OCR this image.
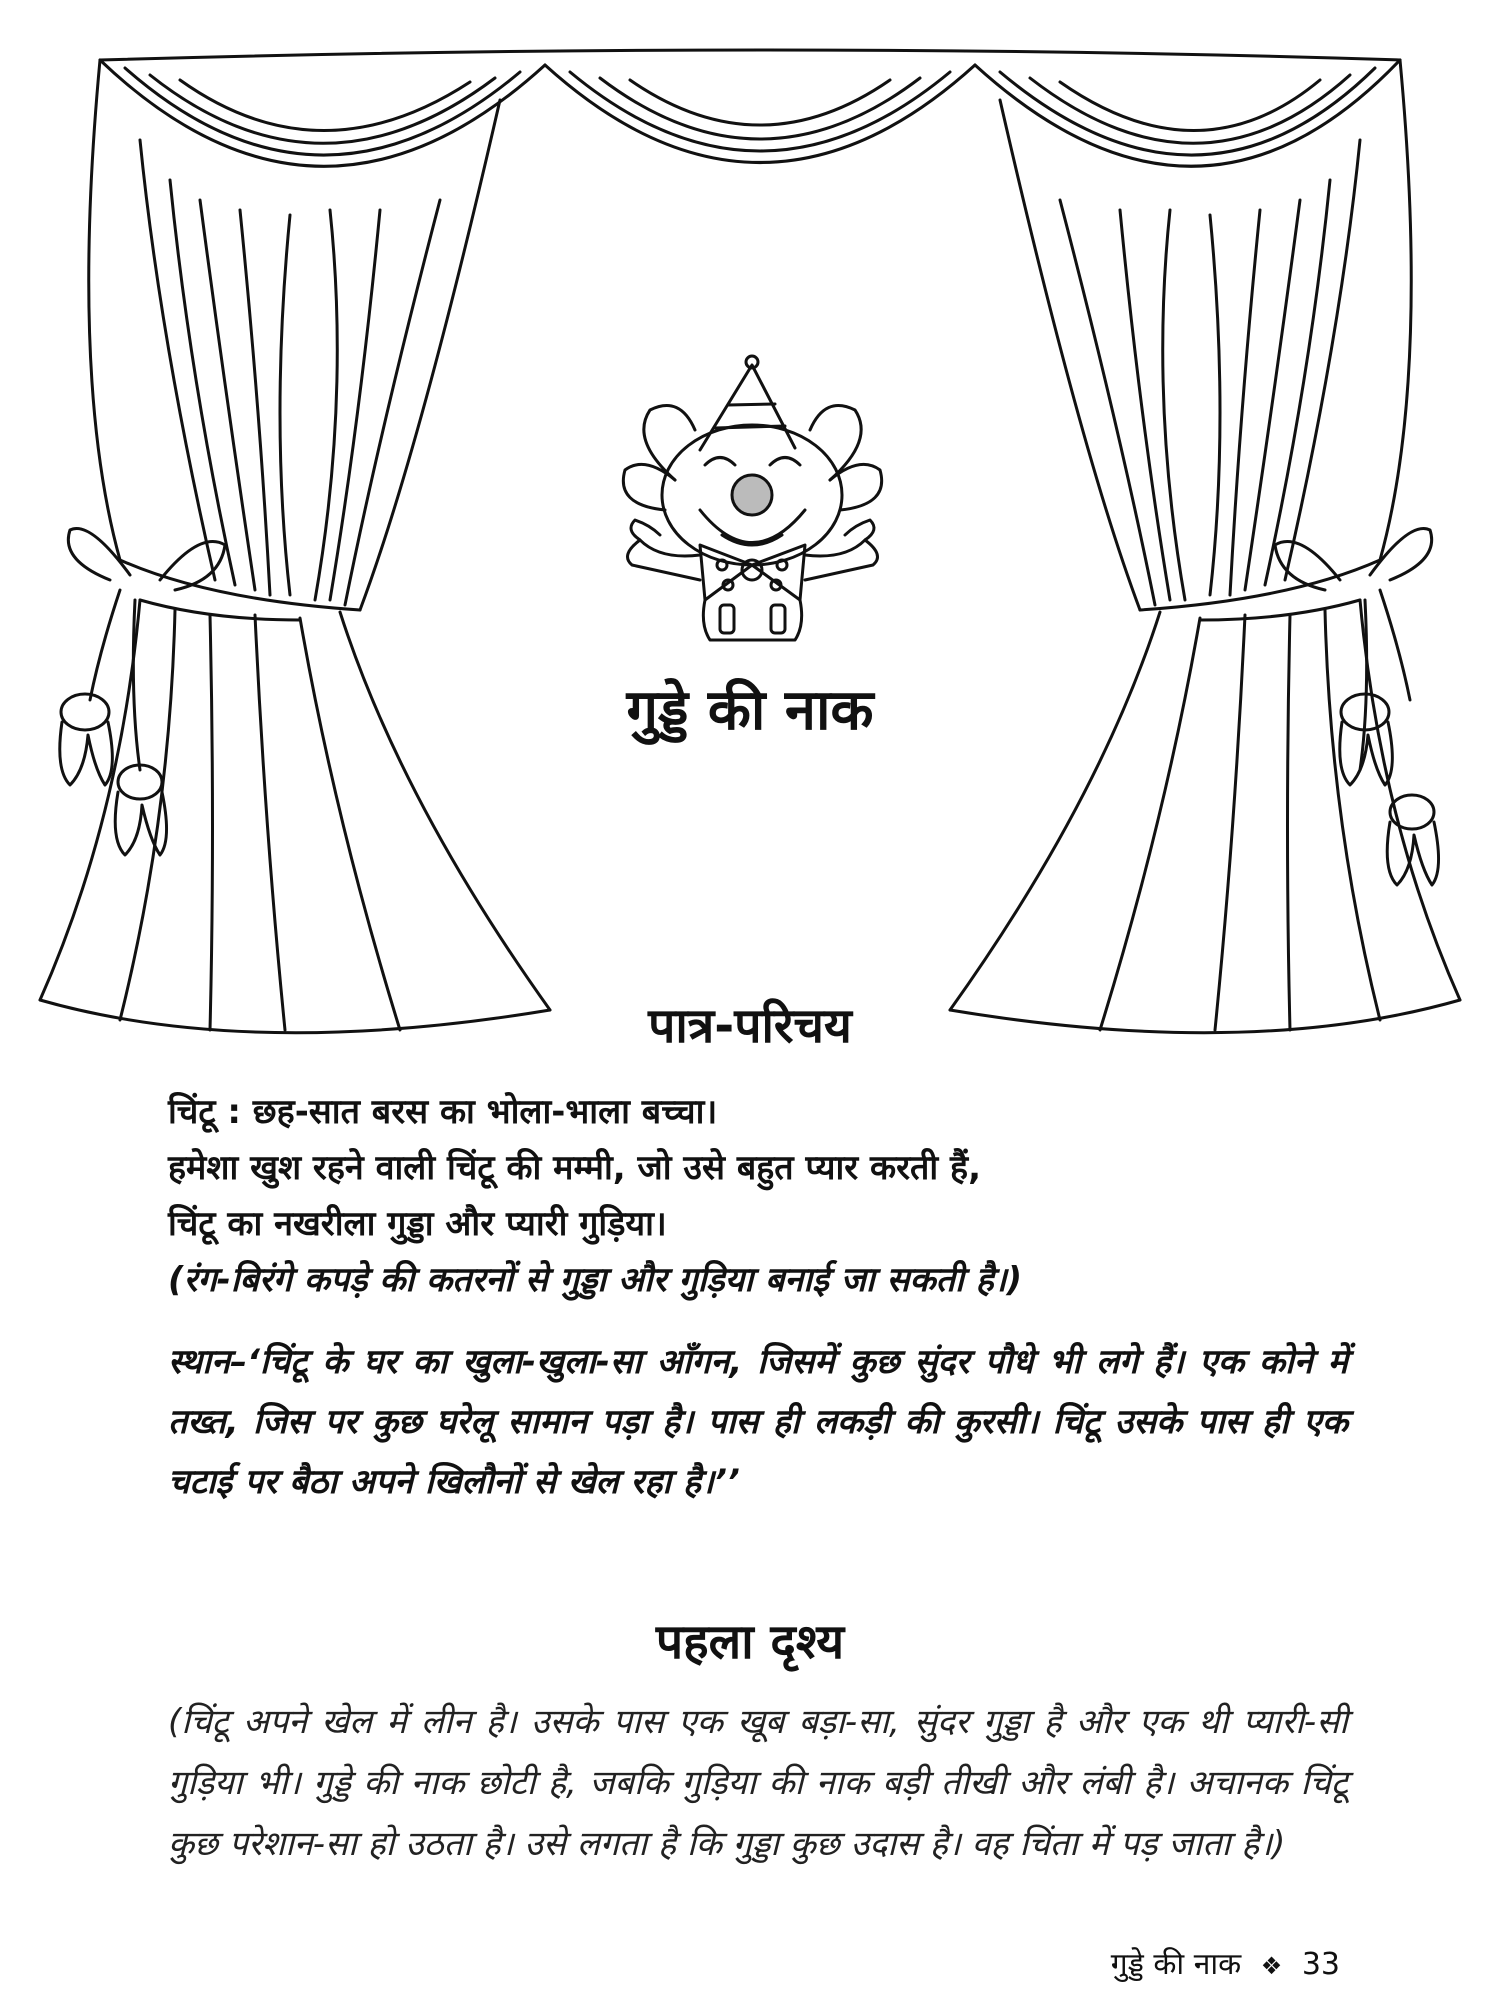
गुड्डे की नाक
पात्र-परिचय

चिंटू : छह-सात बरस का भोला-भाला बच्चा।

हमेशा खुश रहने वाली चिंटू की मम्मी, जो उसे बहुत प्यार करती हैं,

चिंटू का नखरीला गुड्डा और प्यारी गुड़िया।

(रंग-बिरंगे कपड़े की कतरनों से गुड्डा और गुड़िया बनाई जा सकती है।)

स्थान–‘चिंटू के घर का खुला-खुला-सा आँगन, जिसमें कुछ सुंदर पौधे भी लगे हैं। एक कोने में तख्त, जिस पर कुछ घरेलू सामान पड़ा है। पास ही लकड़ी की कुरसी। चिंटू उसके पास ही एक चटाई पर बैठा अपने खिलौनों से खेल रहा है।’’

पहला दृश्य

(चिंटू अपने खेल में लीन है। उसके पास एक खूब बड़ा-सा, सुंदर गुड्डा है और एक थी प्यारी-सी गुड़िया भी। गुड्डे की नाक छोटी है, जबकि गुड़िया की नाक बड़ी तीखी और लंबी है। अचानक चिंटू कुछ परेशान-सा हो उठता है। उसे लगता है कि गुड्डा कुछ उदास है। वह चिंता में पड़ जाता है।)

गुड्डे की नाक ❖ 33
